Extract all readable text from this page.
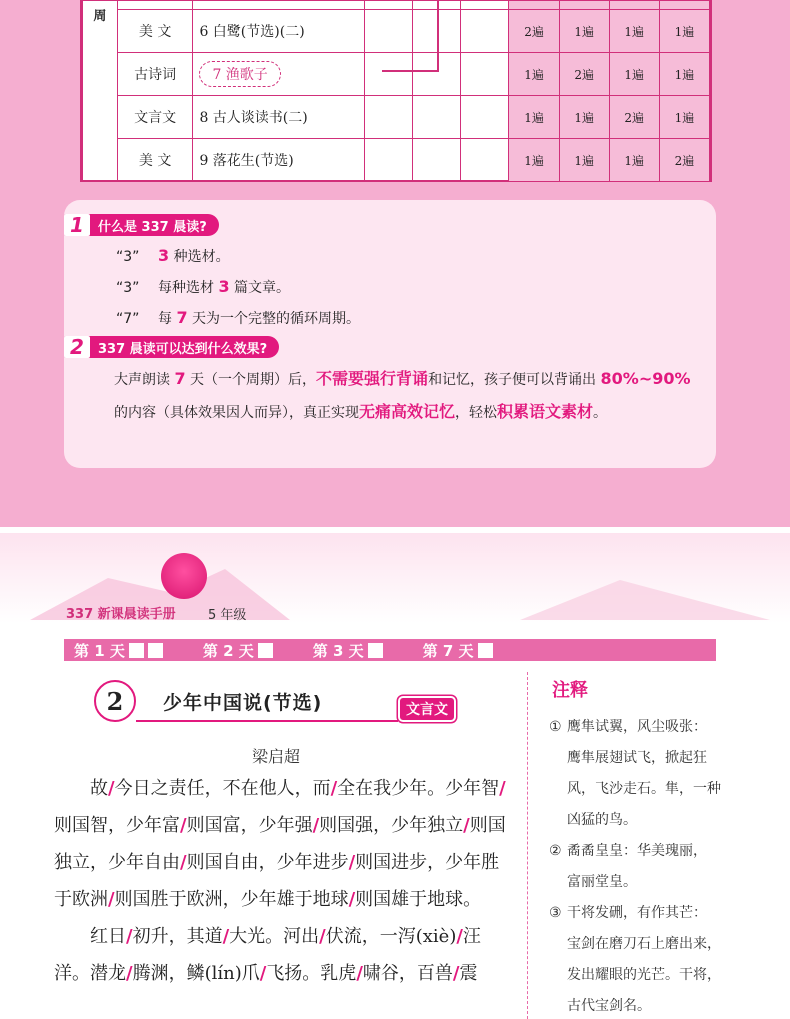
周									
	美 文	6 白鹭(节选)(二)				2遍	1遍	1遍	1遍
	古诗词	7 渔歌子				1遍	2遍	1遍	1遍
	文言文	8 古人谈读书(二)				1遍	1遍	2遍	1遍
	美 文	9 落花生(节选)				1遍	1遍	1遍	2遍
1	什么是 337 晨读?
“3” 3 种选材。
“3” 每种选材 3 篇文章。
“7” 每 7 天为一个完整的循环周期。
2	337 晨读可以达到什么效果?
大声朗读 7 天（一个周期）后，不需要强行背诵和记忆，孩子便可以背诵出 80%~90% 的内容（具体效果因人而异），真正实现无痛高效记忆，轻松积累语文素材。
337 新课晨读手册 5 年级
第 1 天	第 2 天	第 3 天	第 7 天
2	少年中国说(节选)	文言文
梁启超

故/今日之责任，不在他人，而/全在我少年。少年智/则国智，少年富/则国富，少年强/则国强，少年独立/则国独立，少年自由/则国自由，少年进步/则国进步，少年胜于欧洲/则国胜于欧洲，少年雄于地球/则国雄于地球。

红日/初升，其道/大光。河出/伏流，一泻(xiè)/汪洋。潜龙/腾渊，鳞(lín)爪/飞扬。乳虎/啸谷，百兽/震

注释
① 鹰隼试翼，风尘吸张：
鹰隼展翅试飞，掀起狂风，飞沙走石。隼，一种凶猛的鸟。
② 矞矞皇皇：华美瑰丽，
富丽堂皇。
③ 干将发硎，有作其芒：
宝剑在磨刀石上磨出来，发出耀眼的光芒。干将，古代宝剑名。
